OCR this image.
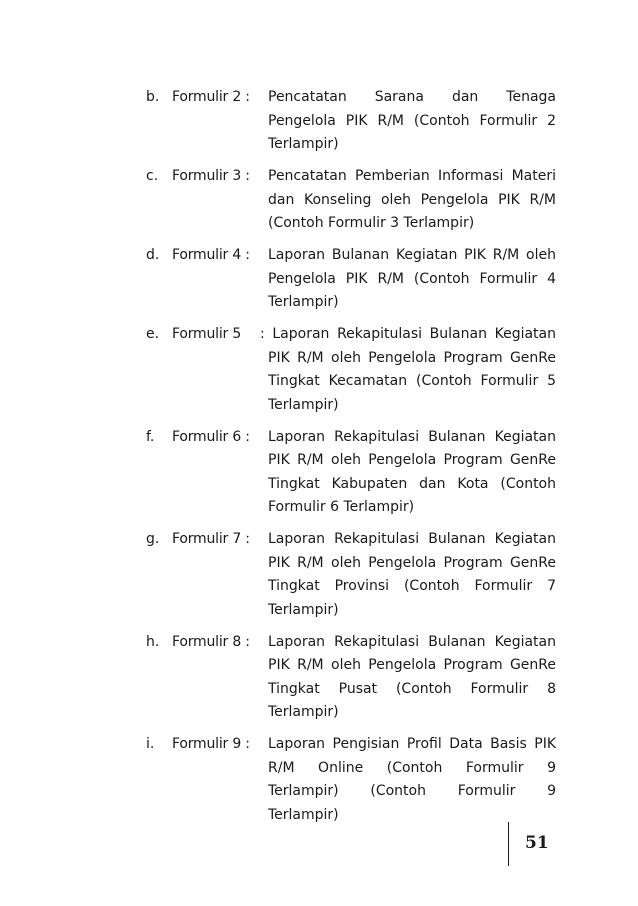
b. Formulir 2 :	Pencatatan Sarana dan Tenaga
Pengelola PIK R/M (Contoh Formulir 2
Terlampir)
c. Formulir 3 :	Pencatatan Pemberian Informasi Materi
dan Konseling oleh Pengelola PIK R/M
(Contoh Formulir 3 Terlampir)
d. Formulir 4 :	Laporan Bulanan Kegiatan PIK R/M oleh
Pengelola PIK R/M (Contoh Formulir 4
Terlampir)
e. Formulir 5	: Laporan Rekapitulasi Bulanan Kegiatan
PIK R/M oleh Pengelola Program GenRe
Tingkat Kecamatan (Contoh Formulir 5
Terlampir)
f.	Formulir 6 :	Laporan Rekapitulasi Bulanan Kegiatan
PIK R/M oleh Pengelola Program GenRe
Tingkat Kabupaten dan Kota (Contoh
Formulir 6 Terlampir)
g. Formulir 7 :	Laporan Rekapitulasi Bulanan Kegiatan
PIK R/M oleh Pengelola Program GenRe
Tingkat Provinsi (Contoh Formulir 7
Terlampir)
h. Formulir 8 :	Laporan Rekapitulasi Bulanan Kegiatan
PIK R/M oleh Pengelola Program GenRe
Tingkat Pusat (Contoh Formulir 8
Terlampir)
i.	Formulir 9 :	Laporan Pengisian Profil Data Basis PIK
R/M Online (Contoh Formulir 9
Terlampir) (Contoh Formulir 9
Terlampir)
51
